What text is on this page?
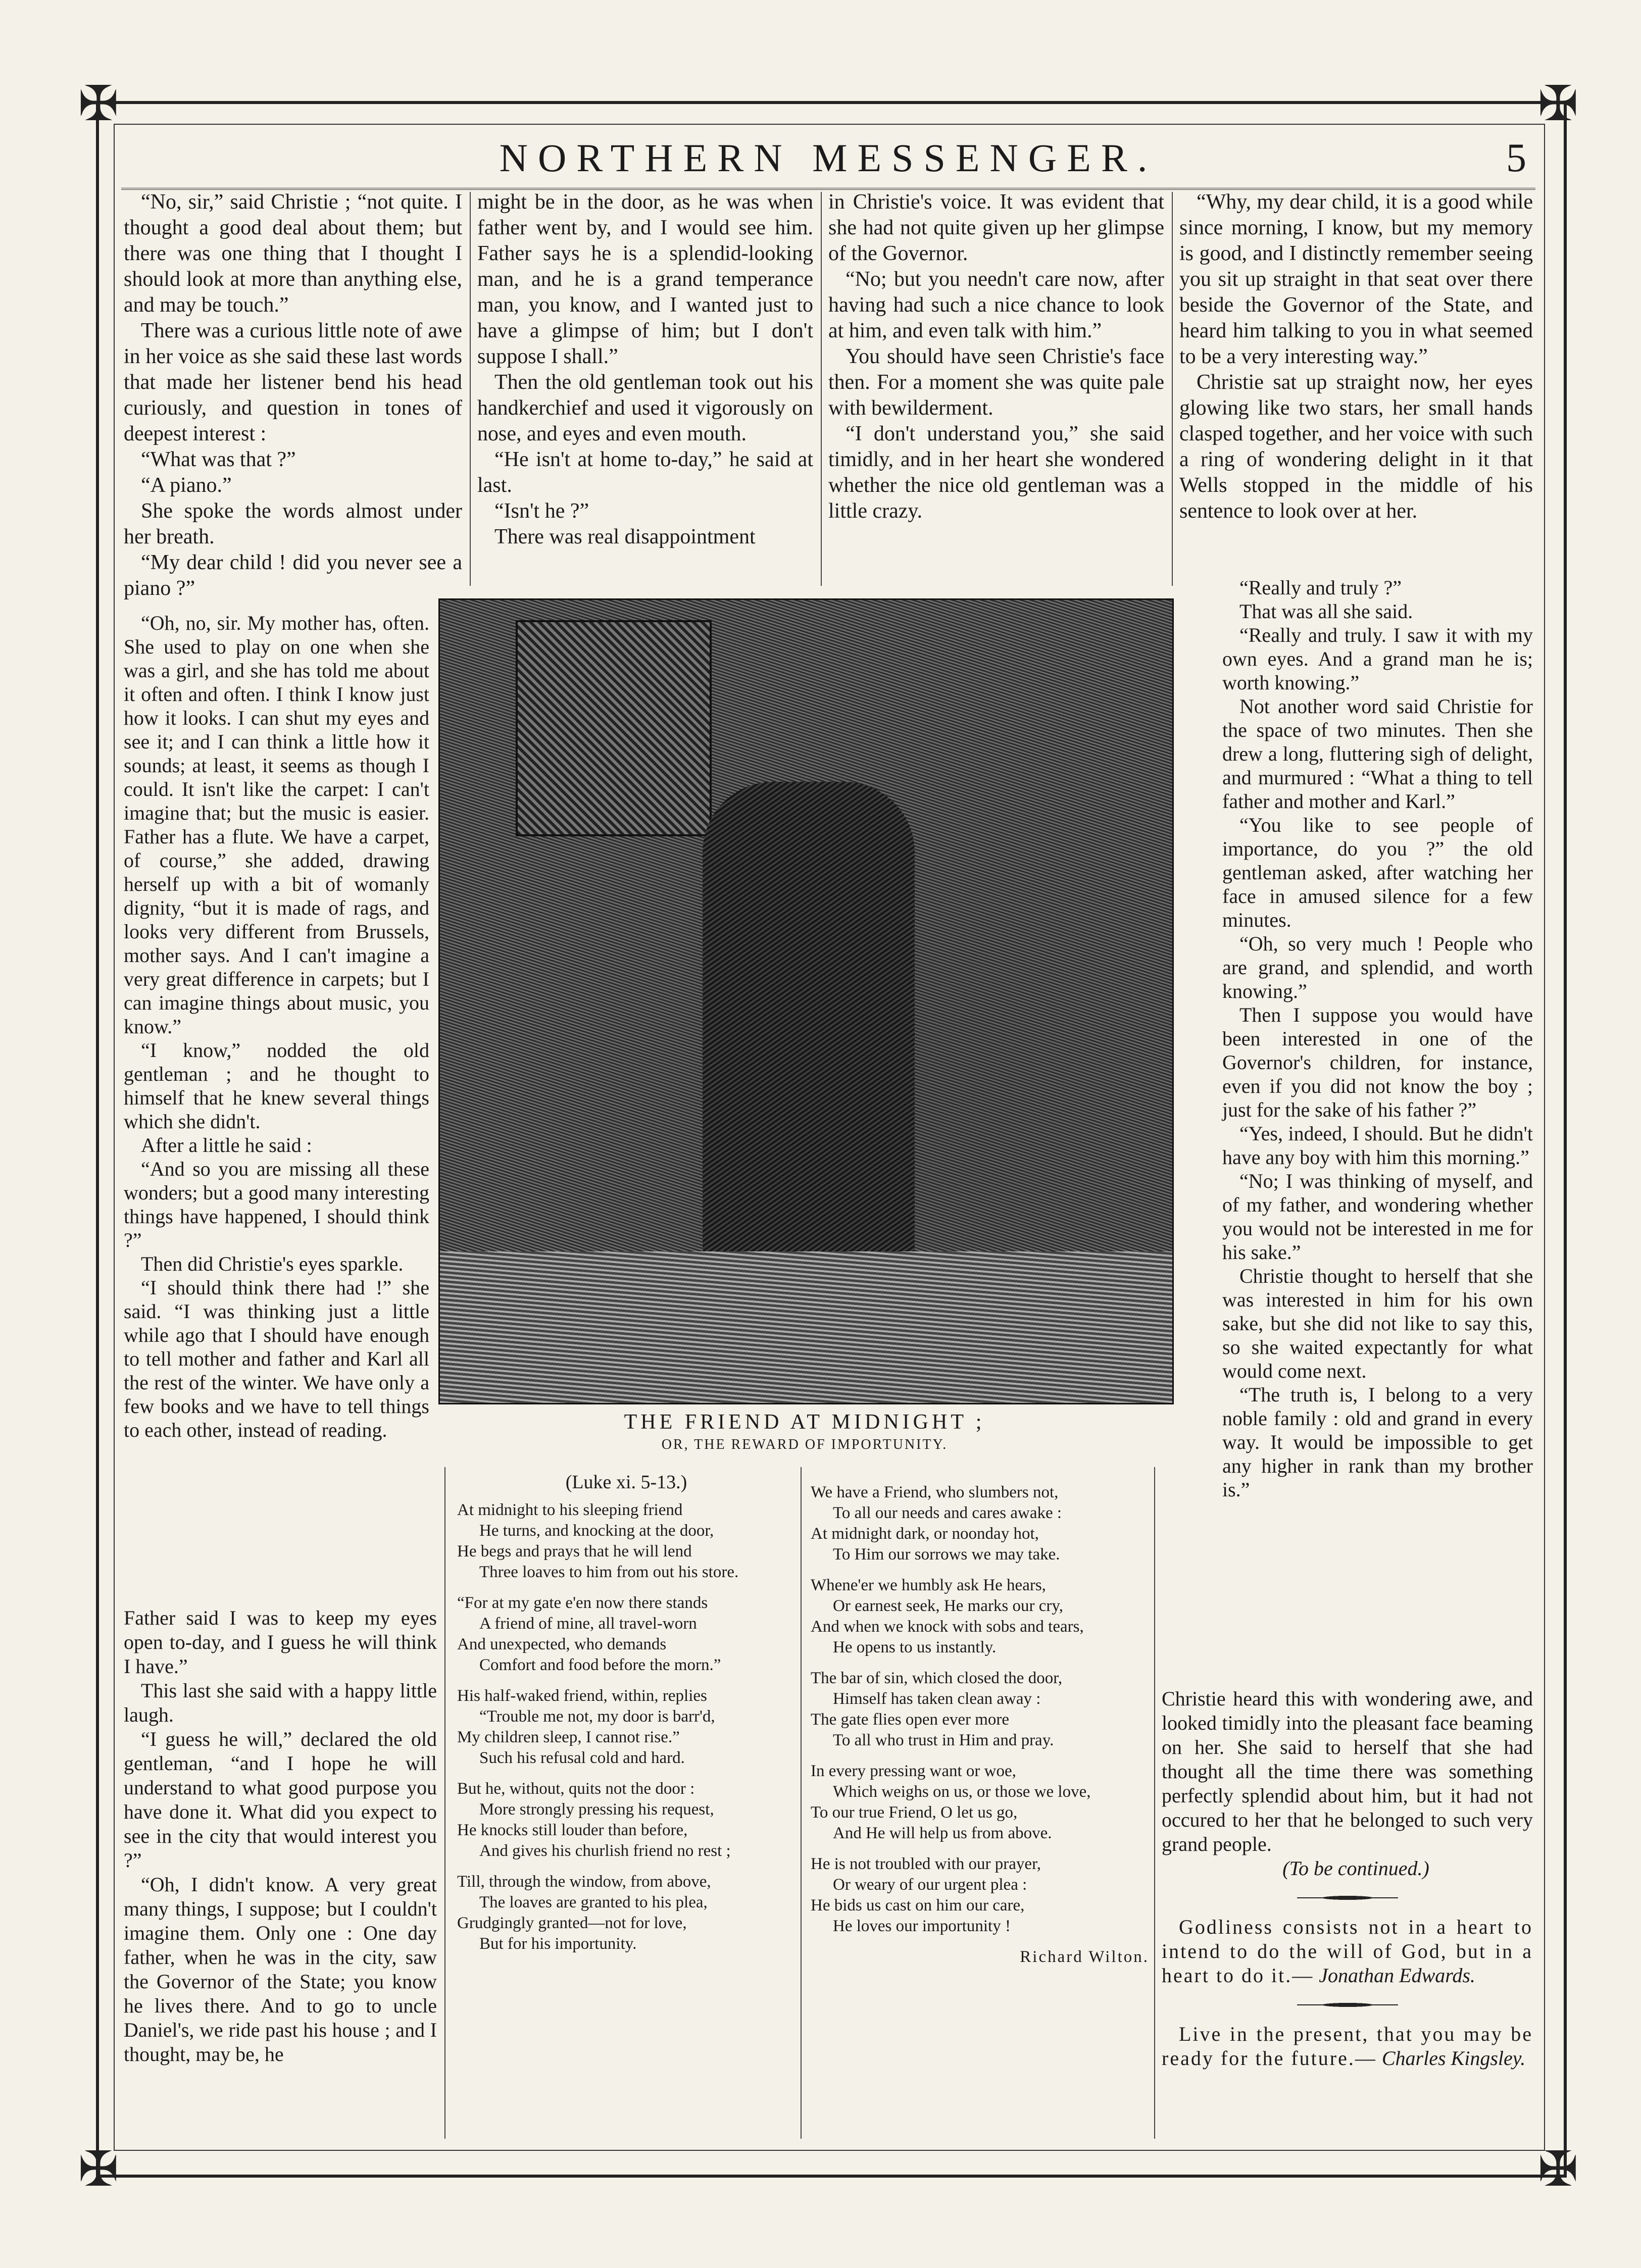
✠	✠
✠	✠
NORTHERN MESSENGER.	5

“No, sir,” said Christie ; “not quite. I thought a good deal about them; but there was one thing that I thought I should look at more than anything else, and may be touch.”

There was a curious little note of awe in her voice as she said these last words that made her listener bend his head curiously, and question in tones of deepest interest :

“What was that ?”

“A piano.”

She spoke the words almost under her breath.

“My dear child ! did you never see a piano ?”

“Oh, no, sir. My mother has, often. She used to play on one when she was a girl, and she has told me about it often and often. I think I know just how it looks. I can shut my eyes and see it; and I can think a little how it sounds; at least, it seems as though I could. It isn't like the carpet: I can't imagine that; but the music is easier. Father has a flute. We have a carpet, of course,” she added, drawing herself up with a bit of womanly dignity, “but it is made of rags, and looks very different from Brussels, mother says. And I can't imagine a very great difference in carpets; but I can imagine things about music, you know.”

“I know,” nodded the old gentleman ; and he thought to himself that he knew several things which she didn't.

After a little he said :

“And so you are missing all these wonders; but a good many interesting things have happened, I should think ?”

Then did Christie's eyes sparkle.

“I should think there had !” she said. “I was thinking just a little while ago that I should have enough to tell mother and father and Karl all the rest of the winter. We have only a few books and we have to tell things to each other, instead of reading.

Father said I was to keep my eyes open to-day, and I guess he will think I have.”

This last she said with a happy little laugh.

“I guess he will,” declared the old gentleman, “and I hope he will understand to what good purpose you have done it. What did you expect to see in the city that would interest you ?”

“Oh, I didn't know. A very great many things, I suppose; but I couldn't imagine them. Only one : One day father, when he was in the city, saw the Governor of the State; you know he lives there. And to go to uncle Daniel's, we ride past his house ; and I thought, may be, he

might be in the door, as he was when father went by, and I would see him. Father says he is a splendid-looking man, and he is a grand temperance man, you know, and I wanted just to have a glimpse of him; but I don't suppose I shall.”

Then the old gentleman took out his handkerchief and used it vigorously on nose, and eyes and even mouth.

“He isn't at home to-day,” he said at last.

“Isn't he ?”

There was real disappointment

in Christie's voice. It was evident that she had not quite given up her glimpse of the Governor.

“No; but you needn't care now, after having had such a nice chance to look at him, and even talk with him.”

You should have seen Christie's face then. For a moment she was quite pale with bewilderment.

“I don't understand you,” she said timidly, and in her heart she wondered whether the nice old gentleman was a little crazy.

“Why, my dear child, it is a good while since morning, I know, but my memory is good, and I distinctly remember seeing you sit up straight in that seat over there beside the Governor of the State, and heard him talking to you in what seemed to be a very interesting way.”

Christie sat up straight now, her eyes glowing like two stars, her small hands clasped together, and her voice with such a ring of wondering delight in it that Wells stopped in the middle of his sentence to look over at her.

“Really and truly ?”

That was all she said.

“Really and truly. I saw it with my own eyes. And a grand man he is; worth knowing.”

Not another word said Christie for the space of two minutes. Then she drew a long, fluttering sigh of delight, and murmured : “What a thing to tell father and mother and Karl.”

“You like to see people of importance, do you ?” the old gentleman asked, after watching her face in amused silence for a few minutes.

“Oh, so very much ! People who are grand, and splendid, and worth knowing.”

Then I suppose you would have been interested in one of the Governor's children, for instance, even if you did not know the boy ; just for the sake of his father ?”

“Yes, indeed, I should. But he didn't have any boy with him this morning.”

“No; I was thinking of myself, and of my father, and wondering whether you would not be interested in me for his sake.”

Christie thought to herself that she was interested in him for his own sake, but she did not like to say this, so she waited expectantly for what would come next.

“The truth is, I belong to a very noble family : old and grand in every way. It would be impossible to get any higher in rank than my brother is.”

Christie heard this with wondering awe, and looked timidly into the pleasant face beaming on her. She said to herself that she had thought all the time there was something perfectly splendid about him, but it had not occured to her that he belonged to such very grand people.

(To be continued.)

Godliness consists not in a heart to intend to do the will of God, but in a heart to do it.— Jonathan Edwards.

Live in the present, that you may be ready for the future.— Charles Kingsley.

THE FRIEND AT MIDNIGHT ;
OR, THE REWARD OF IMPORTUNITY.
(Luke xi. 5-13.)
At midnight to his sleeping friend
He turns, and knocking at the door,
He begs and prays that he will lend
Three loaves to him from out his store.
“For at my gate e'en now there stands
A friend of mine, all travel-worn
And unexpected, who demands
Comfort and food before the morn.”
His half-waked friend, within, replies
“Trouble me not, my door is barr'd,
My children sleep, I cannot rise.”
Such his refusal cold and hard.
But he, without, quits not the door :
More strongly pressing his request,
He knocks still louder than before,
And gives his churlish friend no rest ;
Till, through the window, from above,
The loaves are granted to his plea,
Grudgingly granted—not for love,
But for his importunity.
We have a Friend, who slumbers not,
To all our needs and cares awake :
At midnight dark, or noonday hot,
To Him our sorrows we may take.
Whene'er we humbly ask He hears,
Or earnest seek, He marks our cry,
And when we knock with sobs and tears,
He opens to us instantly.
The bar of sin, which closed the door,
Himself has taken clean away :
The gate flies open ever more
To all who trust in Him and pray.
In every pressing want or woe,
Which weighs on us, or those we love,
To our true Friend, O let us go,
And He will help us from above.
He is not troubled with our prayer,
Or weary of our urgent plea :
He bids us cast on him our care,
He loves our importunity !
Richard Wilton.
